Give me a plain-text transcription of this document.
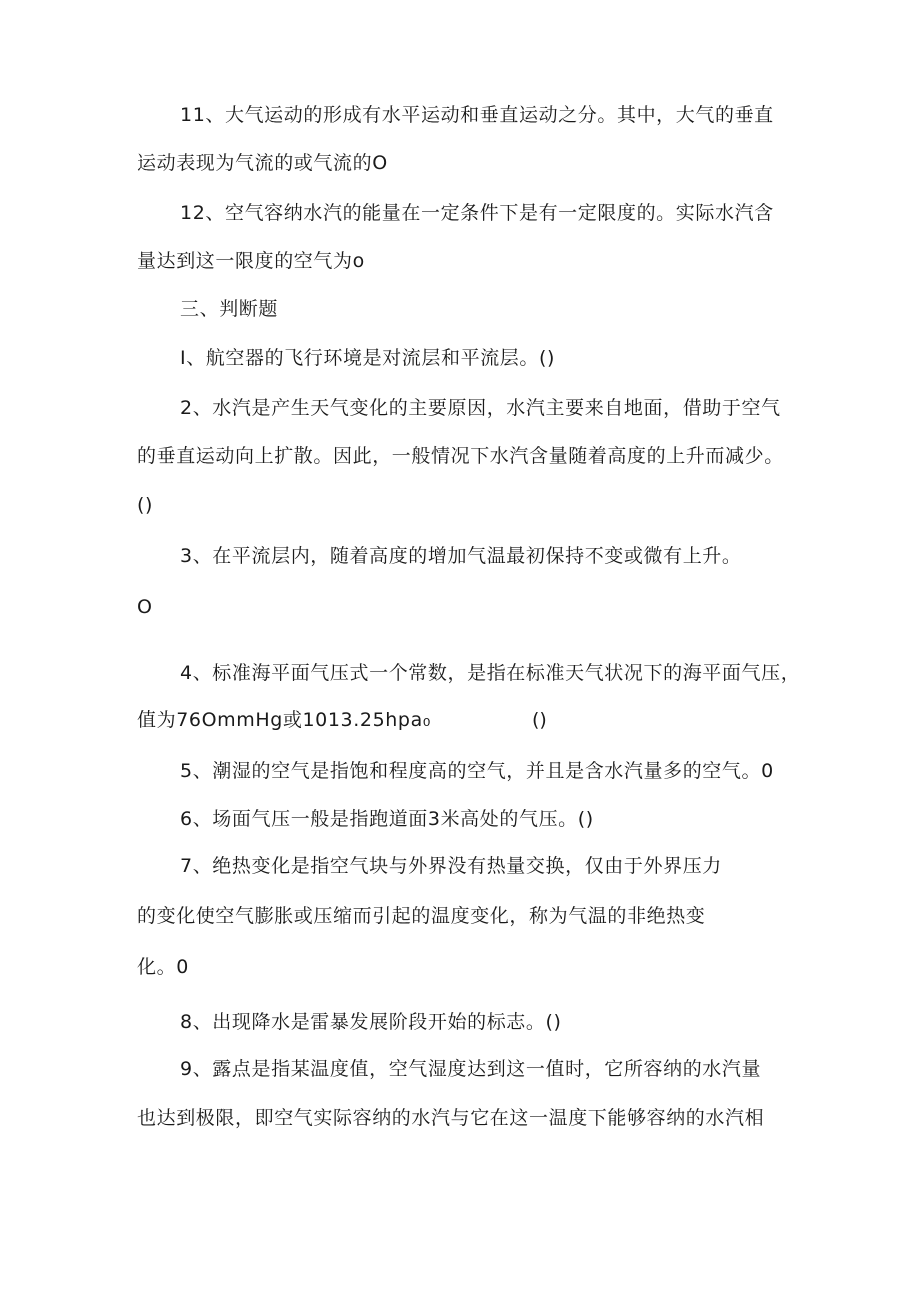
11、大气运动的形成有水平运动和垂直运动之分。其中，大气的垂直
运动表现为气流的或气流的O
12、空气容纳水汽的能量在一定条件下是有一定限度的。实际水汽含
量达到这一限度的空气为o
三、判断题
I、航空器的飞行环境是对流层和平流层。()
2、水汽是产生天气变化的主要原因，水汽主要来自地面，借助于空气
的垂直运动向上扩散。因此，一般情况下水汽含量随着高度的上升而减少。
()
3、在平流层内，随着高度的增加气温最初保持不变或微有上升。
O
4、标准海平面气压式一个常数，是指在标准天气状况下的海平面气压，
值为76OmmHg或1013.25hpa₀	()
5、潮湿的空气是指饱和程度高的空气，并且是含水汽量多的空气。0
6、场面气压一般是指跑道面3米高处的气压。()
7、绝热变化是指空气块与外界没有热量交换，仅由于外界压力
的变化使空气膨胀或压缩而引起的温度变化，称为气温的非绝热变
化。0
8、出现降水是雷暴发展阶段开始的标志。()
9、露点是指某温度值，空气湿度达到这一值时，它所容纳的水汽量
也达到极限，即空气实际容纳的水汽与它在这一温度下能够容纳的水汽相
